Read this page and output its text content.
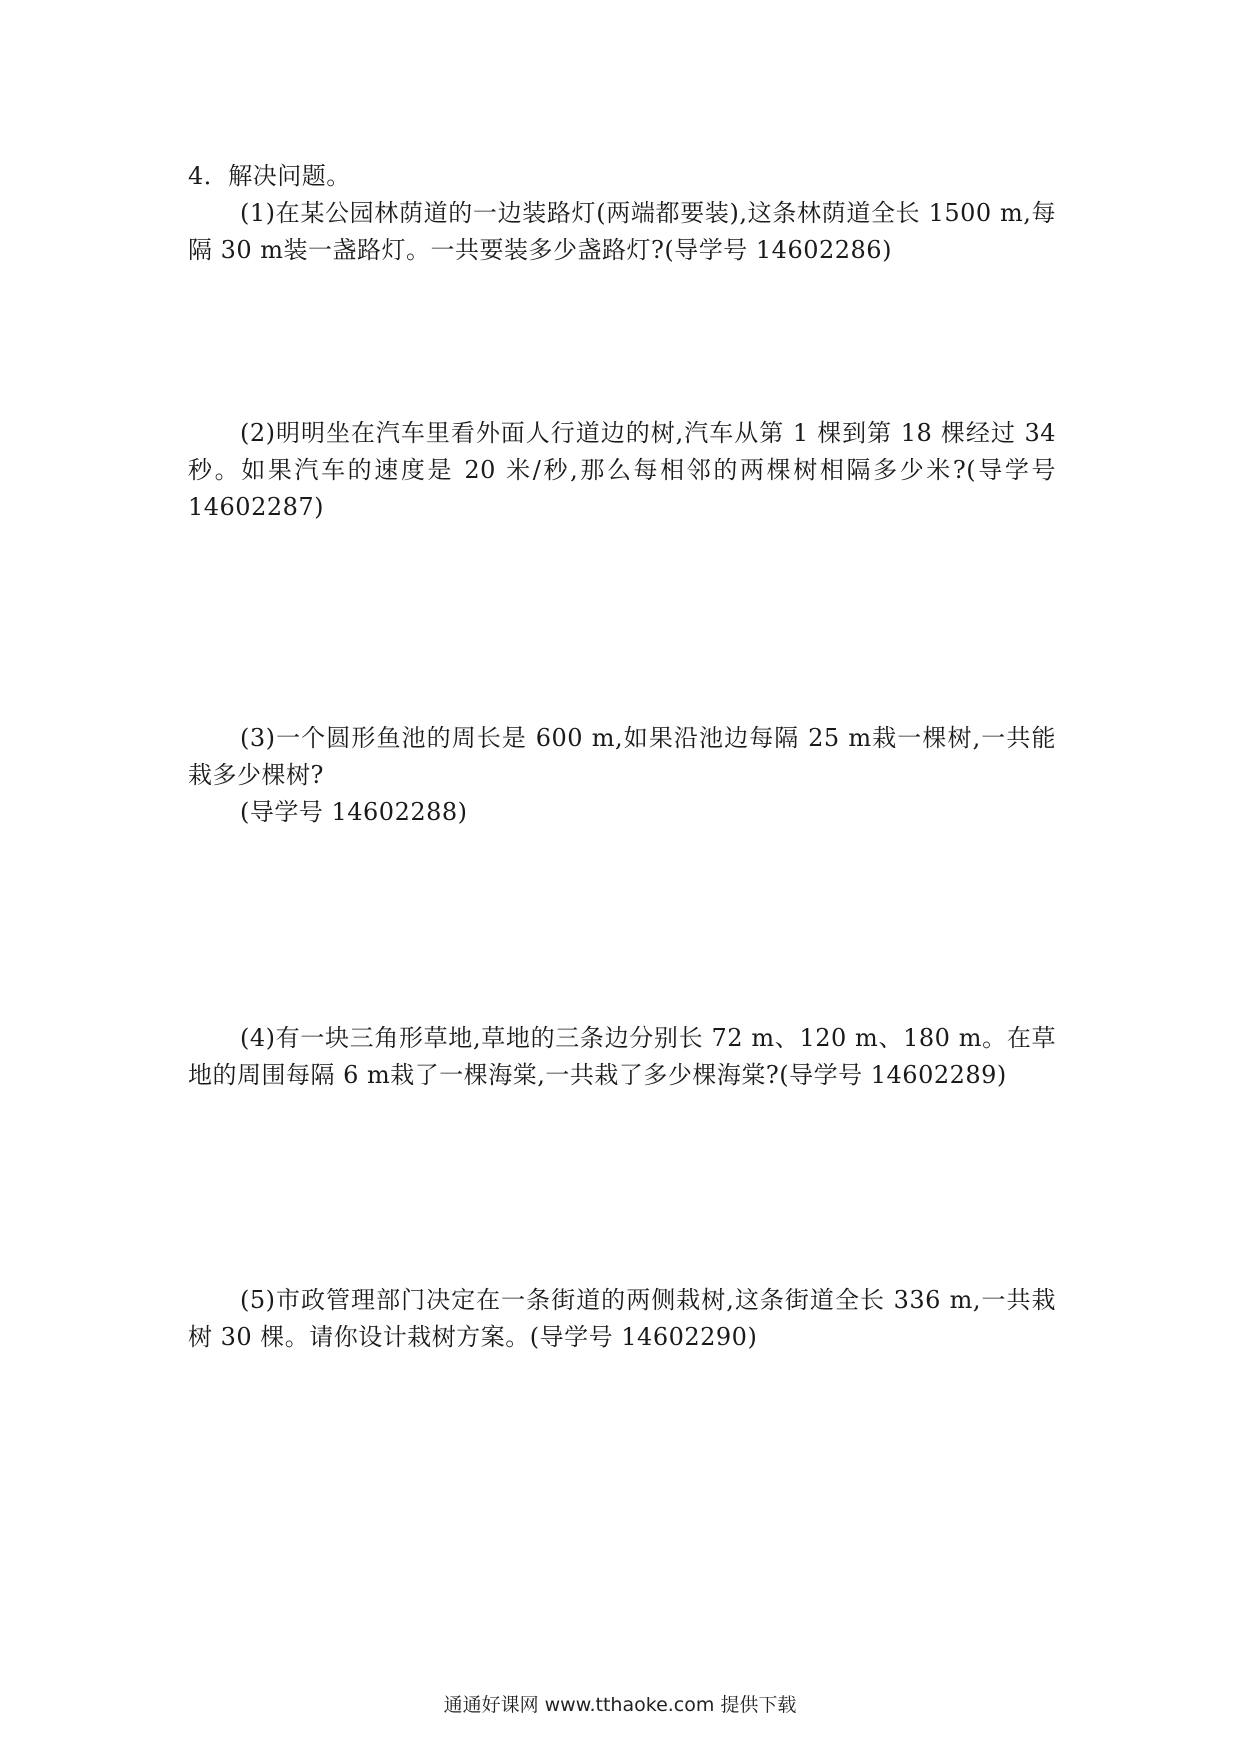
4．解决问题。

(1)在某公园林荫道的一边装路灯(两端都要装),这条林荫道全长 1500 m,每隔 30 m装一盏路灯。一共要装多少盏路灯?(导学号 14602286)

(2)明明坐在汽车里看外面人行道边的树,汽车从第 1 棵到第 18 棵经过 34 秒。如果汽车的速度是 20 米/秒,那么每相邻的两棵树相隔多少米?(导学号 14602287)

(3)一个圆形鱼池的周长是 600 m,如果沿池边每隔 25 m栽一棵树,一共能栽多少棵树?

(导学号 14602288)

(4)有一块三角形草地,草地的三条边分别长 72 m、120 m、180 m。在草地的周围每隔 6 m栽了一棵海棠,一共栽了多少棵海棠?(导学号 14602289)

(5)市政管理部门决定在一条街道的两侧栽树,这条街道全长 336 m,一共栽树 30 棵。请你设计栽树方案。(导学号 14602290)

通通好课网 www.tthaoke.com 提供下载
